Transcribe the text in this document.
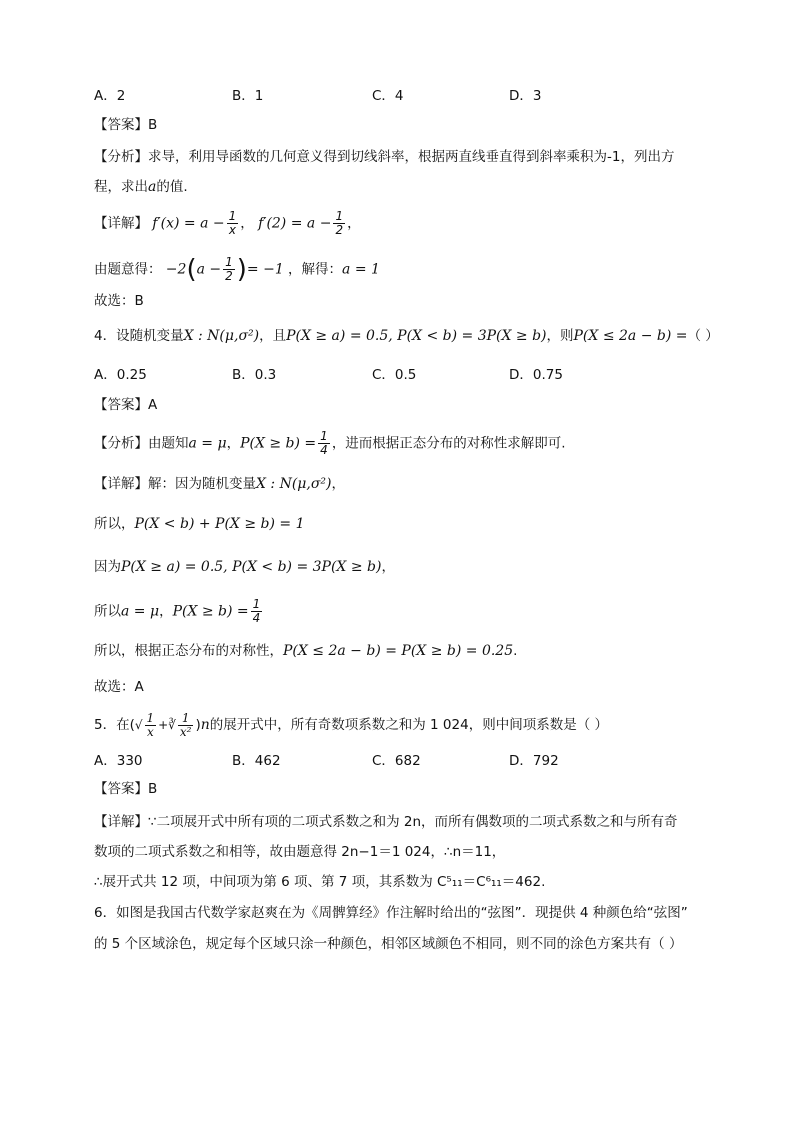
A．2	B．1	C．4	D．3
【答案】B
【分析】求导，利用导函数的几何意义得到切线斜率，根据两直线垂直得到斜率乘积为-1，列出方
程，求出a的值.
【详解】 $f'(x) = a - \frac{1}{x}$ ， $f'(2) = a - \frac{1}{2}$ ，
由题意得： $-2(a - \frac{1}{2}$ )= −1 ，解得：a = 1
故选：B
4．设随机变量X : N(μ,σ²)，且P(X ≥ a) = 0.5, P(X < b) = 3P(X ≥ b)，则P(X ≤ 2a − b) =（ ）
A．0.25	B．0.3	C．0.5	D．0.75
【答案】A
【分析】由题知a = μ，$P(X \ge b) = \frac{1}{4}$ ，进而根据正态分布的对称性求解即可.
【详解】解：因为随机变量X : N(μ,σ²)，
所以，P(X < b) + P(X ≥ b) = 1
因为P(X ≥ a) = 0.5, P(X < b) = 3P(X ≥ b)，
所以a = μ，$P(X \ge b) = \frac{1}{4}$
所以，根据正态分布的对称性，P(X ≤ 2a − b) = P(X ≥ b) = 0.25.
故选：A
5．在(√ $\frac{1}{x}$ +∛ $\frac{1}{\text{x²}} )n$的展开式中，所有奇数项系数之和为 1 024，则中间项系数是（ ）
A．330	B．462	C．682	D．792
【答案】B
【详解】∵二项展开式中所有项的二项式系数之和为 2n，而所有偶数项的二项式系数之和与所有奇
数项的二项式系数之和相等，故由题意得 2n−1＝1 024，∴n＝11，
∴展开式共 12 项，中间项为第 6 项、第 7 项，其系数为 C⁵₁₁＝C⁶₁₁＝462.
6．如图是我国古代数学家赵爽在为《周髀算经》作注解时给出的“弦图”．现提供 4 种颜色给“弦图”
的 5 个区域涂色，规定每个区域只涂一种颜色，相邻区域颜色不相同，则不同的涂色方案共有（ ）
